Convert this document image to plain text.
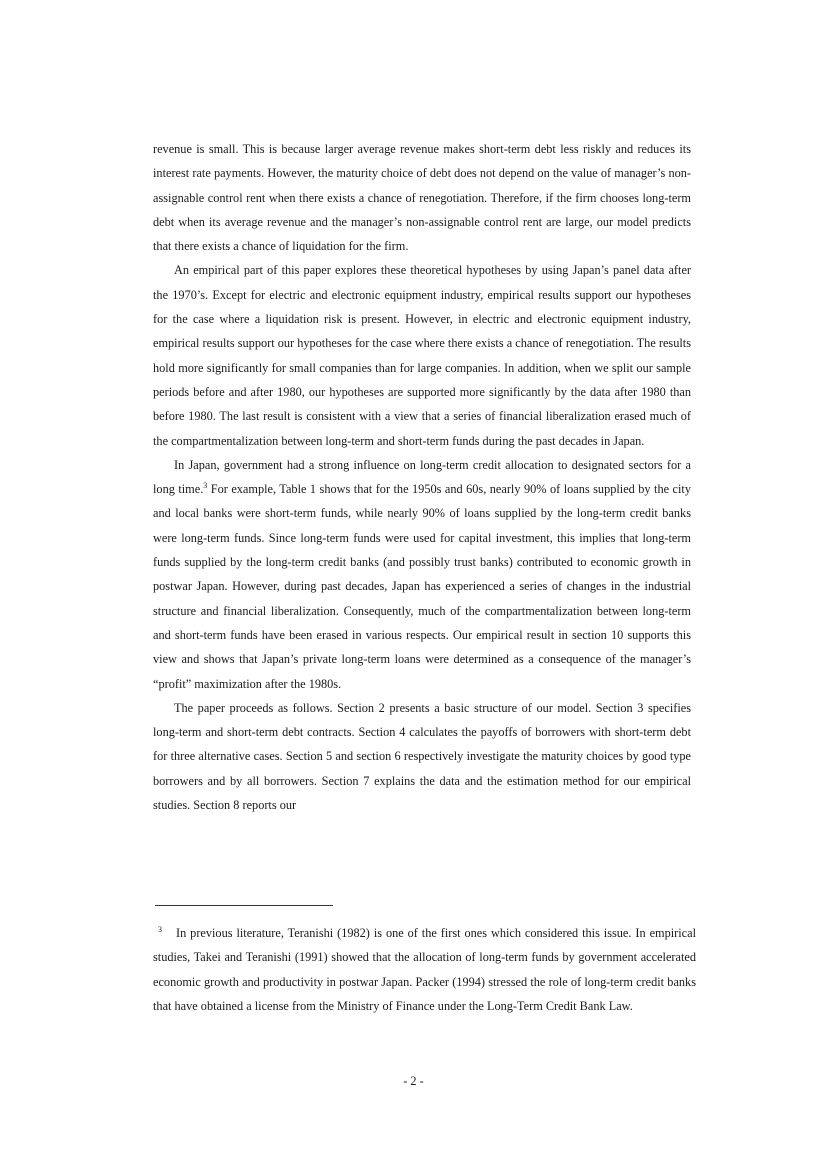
revenue is small. This is because larger average revenue makes short-term debt less riskly and reduces its interest rate payments. However, the maturity choice of debt does not depend on the value of manager’s non-assignable control rent when there exists a chance of renegotiation. Therefore, if the firm chooses long-term debt when its average revenue and the manager’s non-assignable control rent are large, our model predicts that there exists a chance of liquidation for the firm.

An empirical part of this paper explores these theoretical hypotheses by using Japan’s panel data after the 1970’s. Except for electric and electronic equipment industry, empirical results support our hypotheses for the case where a liquidation risk is present. However, in electric and electronic equipment industry, empirical results support our hypotheses for the case where there exists a chance of renegotiation. The results hold more significantly for small companies than for large companies. In addition, when we split our sample periods before and after 1980, our hypotheses are supported more significantly by the data after 1980 than before 1980. The last result is consistent with a view that a series of financial liberalization erased much of the compartmentalization between long-term and short-term funds during the past decades in Japan.

In Japan, government had a strong influence on long-term credit allocation to designated sectors for a long time.$^3$ For example, Table 1 shows that for the 1950s and 60s, nearly 90% of loans supplied by the city and local banks were short-term funds, while nearly 90% of loans supplied by the long-term credit banks were long-term funds. Since long-term funds were used for capital investment, this implies that long-term funds supplied by the long-term credit banks (and possibly trust banks) contributed to economic growth in postwar Japan. However, during past decades, Japan has experienced a series of changes in the industrial structure and financial liberalization. Consequently, much of the compartmentalization between long-term and short-term funds have been erased in various respects. Our empirical result in section 10 supports this view and shows that Japan’s private long-term loans were determined as a consequence of the manager’s “profit” maximization after the 1980s.

The paper proceeds as follows. Section 2 presents a basic structure of our model. Section 3 specifies long-term and short-term debt contracts. Section 4 calculates the payoffs of borrowers with short-term debt for three alternative cases. Section 5 and section 6 respectively investigate the maturity choices by good type borrowers and by all borrowers. Section 7 explains the data and the estimation method for our empirical studies. Section 8 reports our

$^3$ In previous literature, Teranishi (1982) is one of the first ones which considered this issue. In empirical studies, Takei and Teranishi (1991) showed that the allocation of long-term funds by government accelerated economic growth and productivity in postwar Japan. Packer (1994) stressed the role of long-term credit banks that have obtained a license from the Ministry of Finance under the Long-Term Credit Bank Law.

- 2 -
